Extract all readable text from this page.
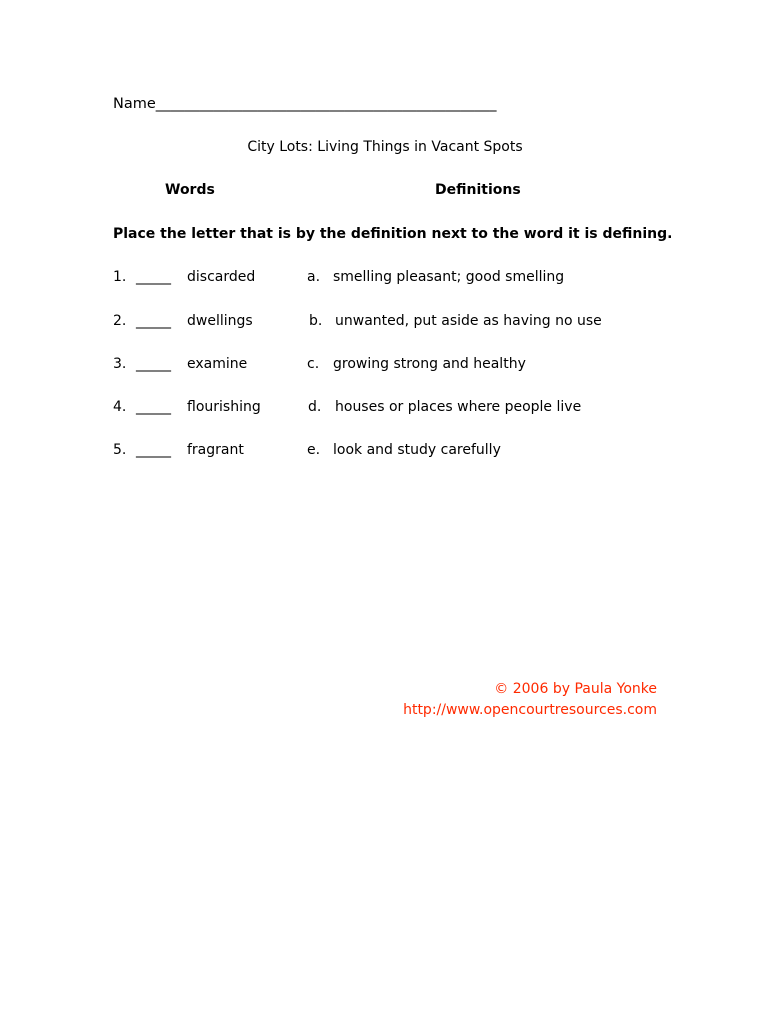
Name_______________________________________________
City Lots: Living Things in Vacant Spots
Words	Definitions
Place the letter that is by the definition next to the word it is defining.
1. _____ discarded	a. smelling pleasant; good smelling
2. _____ dwellings	b. unwanted, put aside as having no use
3. _____ examine	c. growing strong and healthy
4. _____ flourishing	d. houses or places where people live
5. _____ fragrant	e. look and study carefully
© 2006 by Paula Yonke
http://www.opencourtresources.com
